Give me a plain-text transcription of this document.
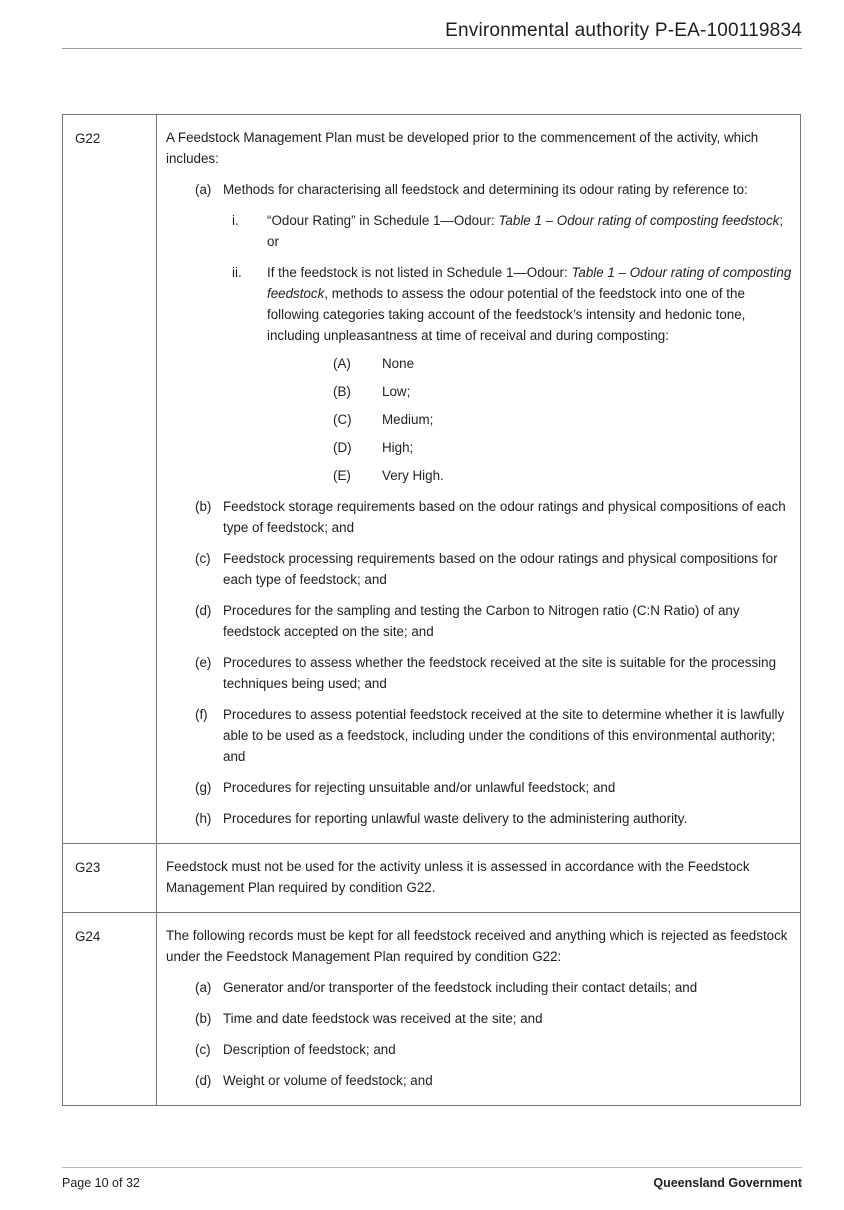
Environmental authority P-EA-100119834
G22	A Feedstock Management Plan must be developed prior to the commencement of the activity, which includes:
(a) Methods for characterising all feedstock and determining its odour rating by reference to:
i.	“Odour Rating” in Schedule 1—Odour: Table 1 – Odour rating of composting feedstock; or
ii.	If the feedstock is not listed in Schedule 1—Odour: Table 1 – Odour rating of composting feedstock, methods to assess the odour potential of the feedstock into one of the following categories taking account of the feedstock’s intensity and hedonic tone, including unpleasantness at time of receival and during composting:
(A)	None
(B)	Low;
(C)	Medium;
(D)	High;
(E)	Very High.
(b) Feedstock storage requirements based on the odour ratings and physical compositions of each type of feedstock; and
(c) Feedstock processing requirements based on the odour ratings and physical compositions for each type of feedstock; and
(d) Procedures for the sampling and testing the Carbon to Nitrogen ratio (C:N Ratio) of any feedstock accepted on the site; and
(e) Procedures to assess whether the feedstock received at the site is suitable for the processing techniques being used; and
(f)	Procedures to assess potential feedstock received at the site to determine whether it is lawfully able to be used as a feedstock, including under the conditions of this environmental authority; and
(g) Procedures for rejecting unsuitable and/or unlawful feedstock; and
(h) Procedures for reporting unlawful waste delivery to the administering authority.

G23	Feedstock must not be used for the activity unless it is assessed in accordance with the Feedstock Management Plan required by condition G22.

G24	The following records must be kept for all feedstock received and anything which is rejected as feedstock under the Feedstock Management Plan required by condition G22:
(a) Generator and/or transporter of the feedstock including their contact details; and
(b) Time and date feedstock was received at the site; and
(c) Description of feedstock; and
(d) Weight or volume of feedstock; and
Page 10 of 32	Queensland Government
